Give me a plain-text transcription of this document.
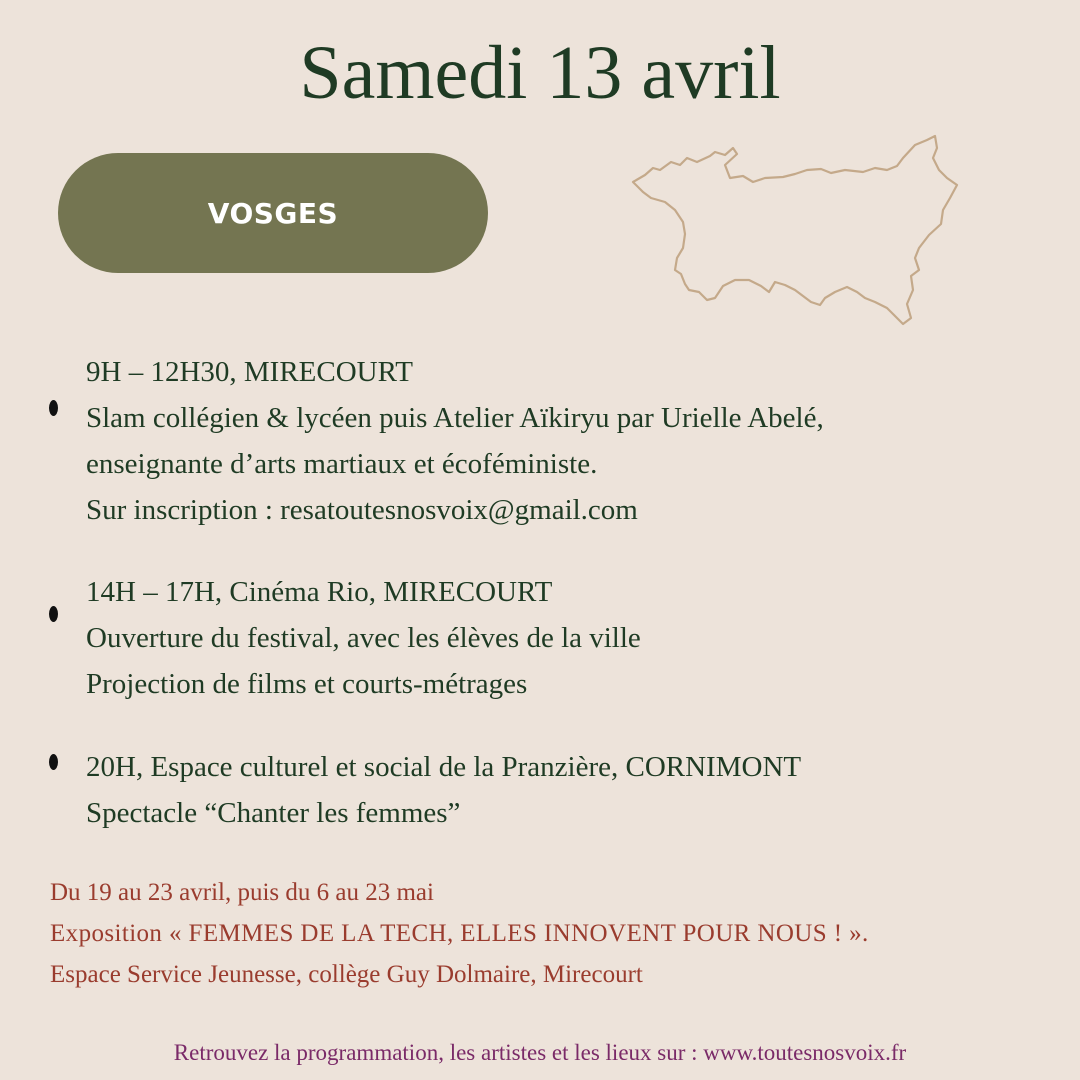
Samedi 13 avril
VOSGES
9H – 12H30, MIRECOURT
Slam collégien & lycéen puis Atelier Aïkiryu par Urielle Abelé,
enseignante d’arts martiaux et écoféministe.
Sur inscription : resatoutesnosvoix@gmail.com
14H – 17H, Cinéma Rio, MIRECOURT
Ouverture du festival, avec les élèves de la ville
Projection de films et courts-métrages
20H, Espace culturel et social de la Pranzière, CORNIMONT
Spectacle “Chanter les femmes”
Du 19 au 23 avril, puis du 6 au 23 mai
Exposition « FEMMES DE LA TECH, ELLES INNOVENT POUR NOUS ! ».
Espace Service Jeunesse, collège Guy Dolmaire, Mirecourt
Retrouvez la programmation, les artistes et les lieux sur : www.toutesnosvoix.fr
